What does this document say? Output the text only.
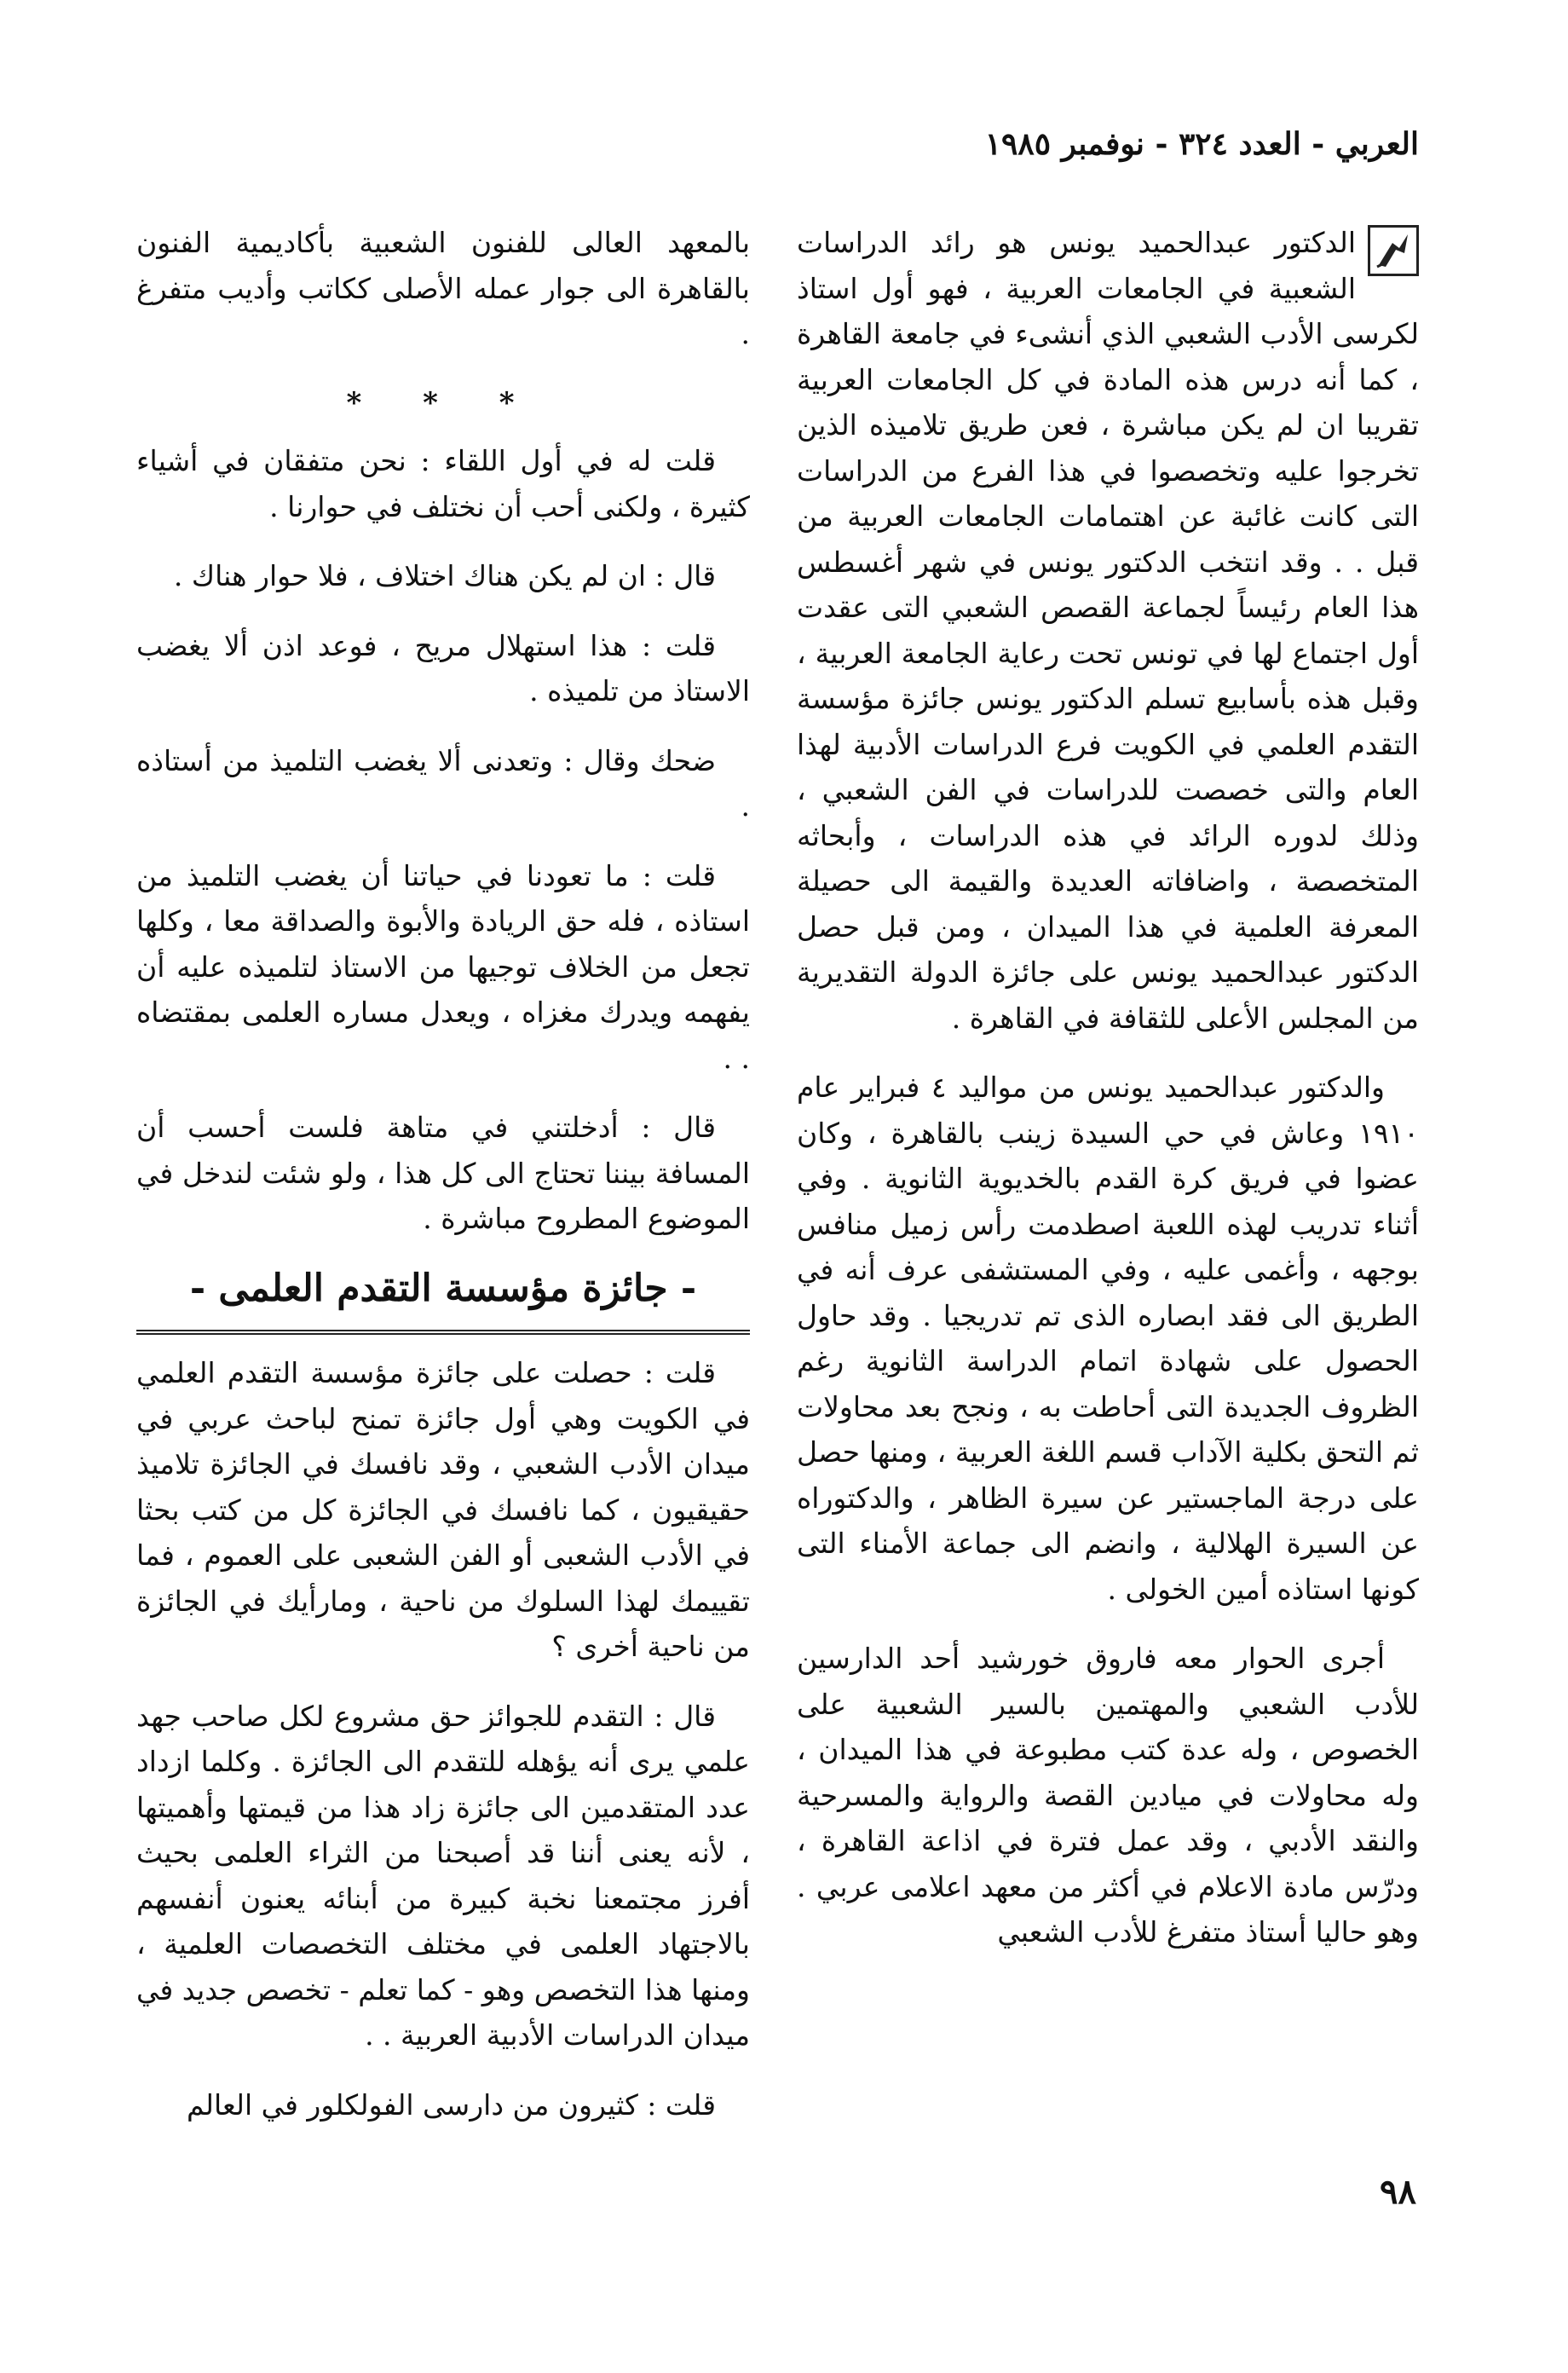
العربي - العدد ٣٢٤ - نوفمبر ١٩٨٥

الدكتور عبدالحميد يونس هو رائد الدراسات الشعبية في الجامعات العربية ، فهو أول استاذ لكرسى الأدب الشعبي الذي أنشىء في جامعة القاهرة ، كما أنه درس هذه المادة في كل الجامعات العربية تقريبا ان لم يكن مباشرة ، فعن طريق تلاميذه الذين تخرجوا عليه وتخصصوا في هذا الفرع من الدراسات التى كانت غائبة عن اهتمامات الجامعات العربية من قبل . . وقد انتخب الدكتور يونس في شهر أغسطس هذا العام رئيساً لجماعة القصص الشعبي التى عقدت أول اجتماع لها في تونس تحت رعاية الجامعة العربية ، وقبل هذه بأسابيع تسلم الدكتور يونس جائزة مؤسسة التقدم العلمي في الكويت فرع الدراسات الأدبية لهذا العام والتى خصصت للدراسات في الفن الشعبي ، وذلك لدوره الرائد في هذه الدراسات ، وأبحاثه المتخصصة ، واضافاته العديدة والقيمة الى حصيلة المعرفة العلمية في هذا الميدان ، ومن قبل حصل الدكتور عبدالحميد يونس على جائزة الدولة التقديرية من المجلس الأعلى للثقافة في القاهرة .

والدكتور عبدالحميد يونس من مواليد ٤ فبراير عام ١٩١٠ وعاش في حي السيدة زينب بالقاهرة ، وكان عضوا في فريق كرة القدم بالخديوية الثانوية . وفي أثناء تدريب لهذه اللعبة اصطدمت رأس زميل منافس بوجهه ، وأغمى عليه ، وفي المستشفى عرف أنه في الطريق الى فقد ابصاره الذى تم تدريجيا . وقد حاول الحصول على شهادة اتمام الدراسة الثانوية رغم الظروف الجديدة التى أحاطت به ، ونجح بعد محاولات ثم التحق بكلية الآداب قسم اللغة العربية ، ومنها حصل على درجة الماجستير عن سيرة الظاهر ، والدكتوراه عن السيرة الهلالية ، وانضم الى جماعة الأمناء التى كونها استاذه أمين الخولى .

أجرى الحوار معه فاروق خورشيد أحد الدارسين للأدب الشعبي والمهتمين بالسير الشعبية على الخصوص ، وله عدة كتب مطبوعة في هذا الميدان ، وله محاولات في ميادين القصة والرواية والمسرحية والنقد الأدبي ، وقد عمل فترة في اذاعة القاهرة ، ودرّس مادة الاعلام في أكثر من معهد اعلامى عربي . وهو حاليا أستاذ متفرغ للأدب الشعبي

بالمعهد العالى للفنون الشعبية بأكاديمية الفنون بالقاهرة الى جوار عمله الأصلى ككاتب وأديب متفرغ .

* * *

قلت له في أول اللقاء : نحن متفقان في أشياء كثيرة ، ولكنى أحب أن نختلف في حوارنا .

قال : ان لم يكن هناك اختلاف ، فلا حوار هناك .

قلت : هذا استهلال مريح ، فوعد اذن ألا يغضب الاستاذ من تلميذه .

ضحك وقال : وتعدنى ألا يغضب التلميذ من أستاذه .

قلت : ما تعودنا في حياتنا أن يغضب التلميذ من استاذه ، فله حق الريادة والأبوة والصداقة معا ، وكلها تجعل من الخلاف توجيها من الاستاذ لتلميذه عليه أن يفهمه ويدرك مغزاه ، ويعدل مساره العلمى بمقتضاه . .

قال : أدخلتني في متاهة فلست أحسب أن المسافة بيننا تحتاج الى كل هذا ، ولو شئت لندخل في الموضوع المطروح مباشرة .

- جائزة مؤسسة التقدم العلمى -

قلت : حصلت على جائزة مؤسسة التقدم العلمي في الكويت وهي أول جائزة تمنح لباحث عربي في ميدان الأدب الشعبي ، وقد نافسك في الجائزة تلاميذ حقيقيون ، كما نافسك في الجائزة كل من كتب بحثا في الأدب الشعبى أو الفن الشعبى على العموم ، فما تقييمك لهذا السلوك من ناحية ، ومارأيك في الجائزة من ناحية أخرى ؟

قال : التقدم للجوائز حق مشروع لكل صاحب جهد علمي يرى أنه يؤهله للتقدم الى الجائزة . وكلما ازداد عدد المتقدمين الى جائزة زاد هذا من قيمتها وأهميتها ، لأنه يعنى أننا قد أصبحنا من الثراء العلمى بحيث أفرز مجتمعنا نخبة كبيرة من أبنائه يعنون أنفسهم بالاجتهاد العلمى في مختلف التخصصات العلمية ، ومنها هذا التخصص وهو - كما تعلم - تخصص جديد في ميدان الدراسات الأدبية العربية . .

قلت : كثيرون من دارسى الفولكلور في العالم

٩٨
